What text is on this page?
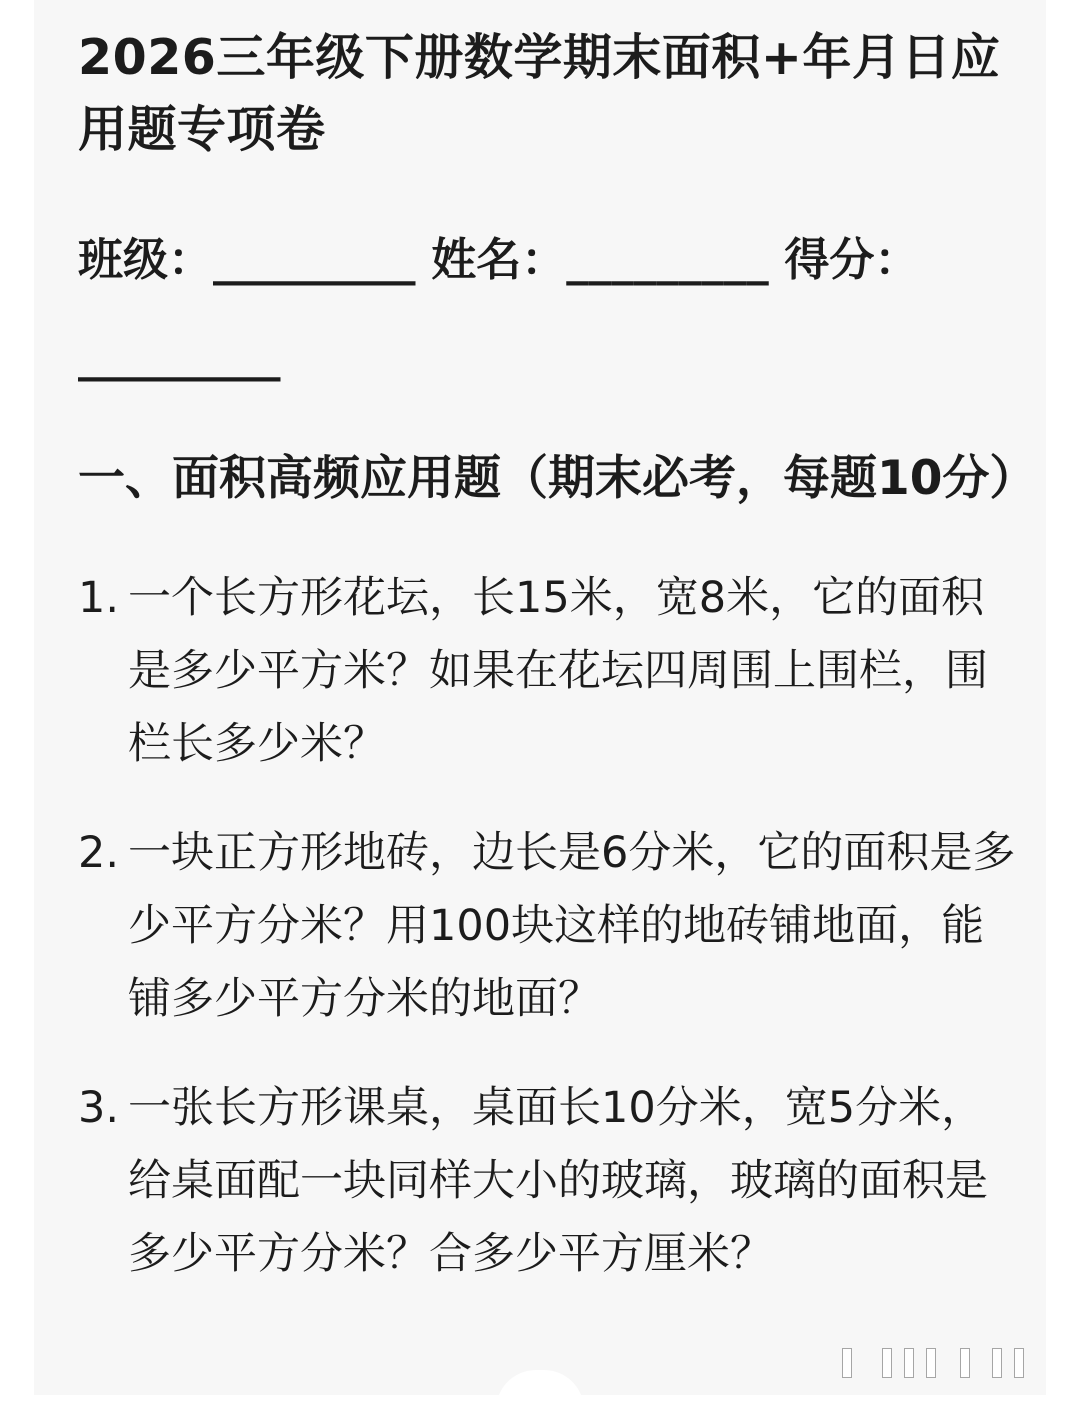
2026三年级下册数学期末面积+年月日应用题专项卷
班级：_________ 姓名：_________ 得分：
_________
一、面积高频应用题（期末必考，每题10分）
1. 一个长方形花坛，长15米，宽8米，它的面积是多少平方米？如果在花坛四周围上围栏，围栏长多少米？
2. 一块正方形地砖，边长是6分米，它的面积是多少平方分米？用100块这样的地砖铺地面，能铺多少平方分米的地面？
3. 一张长方形课桌，桌面长10分米，宽5分米，给桌面配一块同样大小的玻璃，玻璃的面积是多少平方分米？合多少平方厘米？
